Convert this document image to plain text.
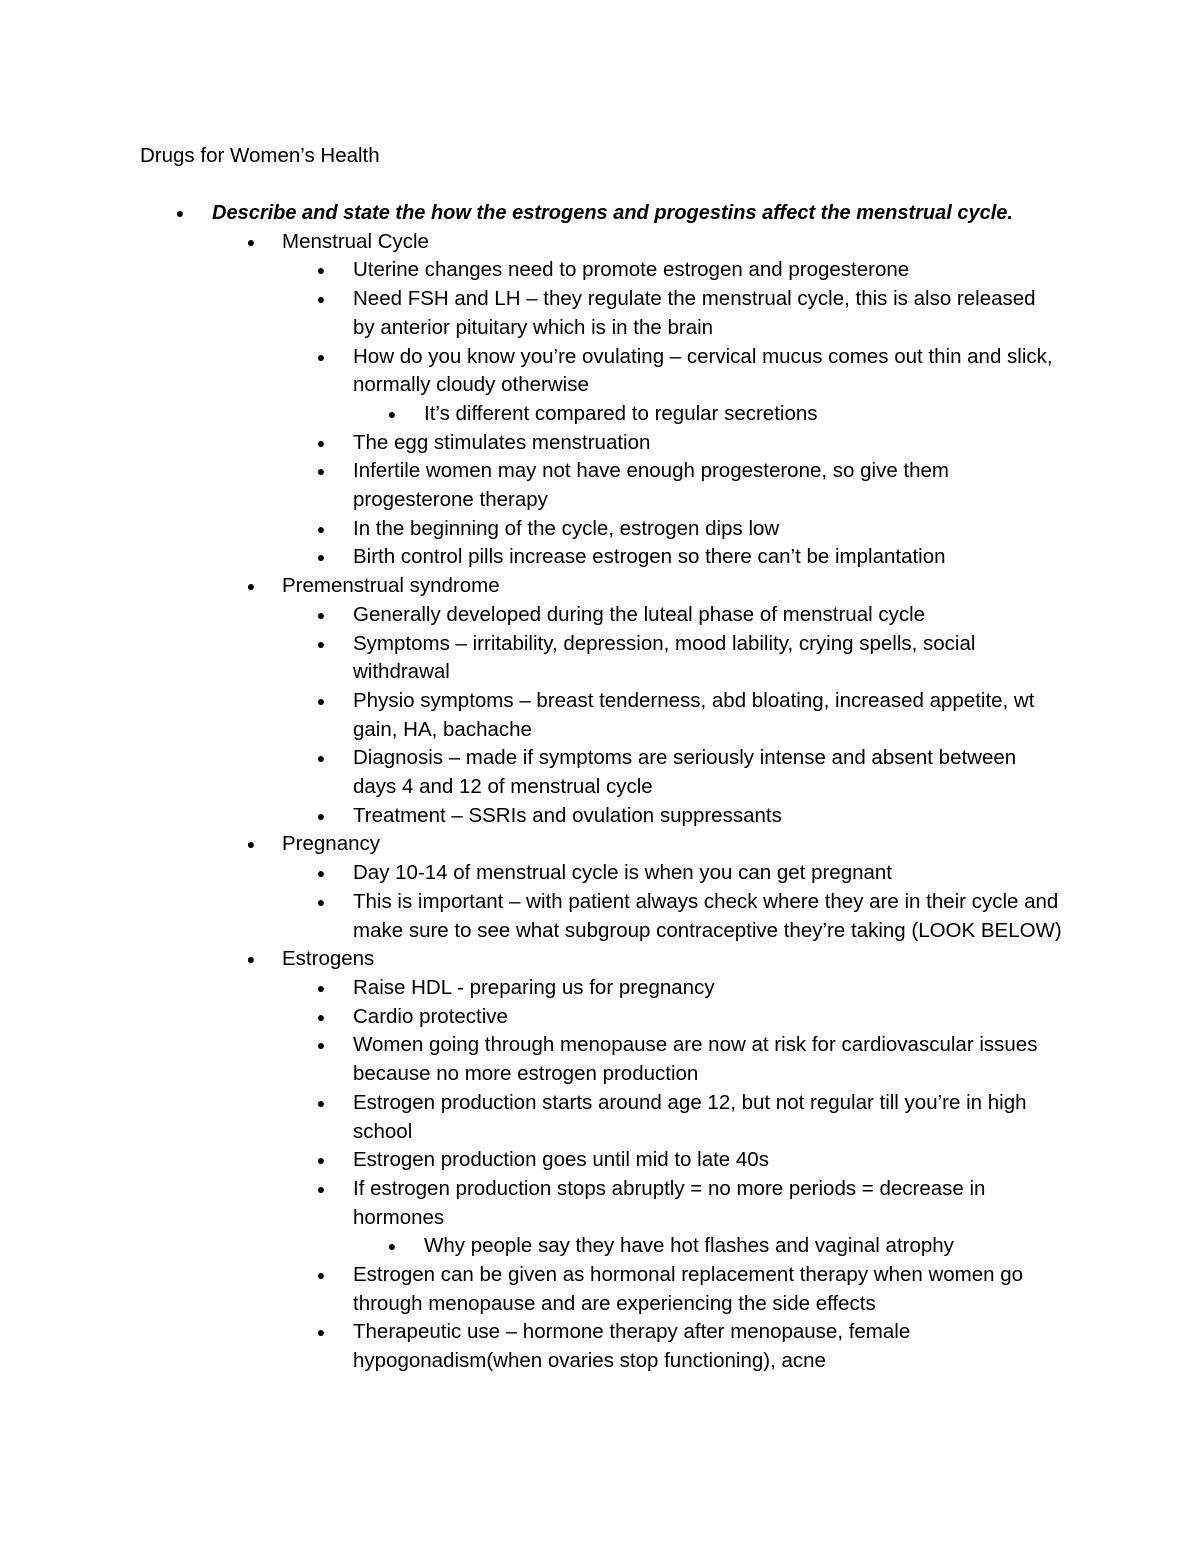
Drugs for Women’s Health
● Describe and state the how the estrogens and progestins affect the menstrual cycle.
● Menstrual Cycle
● Uterine changes need to promote estrogen and progesterone
● Need FSH and LH – they regulate the menstrual cycle, this is also released by anterior pituitary which is in the brain
● How do you know you’re ovulating – cervical mucus comes out thin and slick, normally cloudy otherwise
● It’s different compared to regular secretions
● The egg stimulates menstruation
● Infertile women may not have enough progesterone, so give them progesterone therapy
● In the beginning of the cycle, estrogen dips low
● Birth control pills increase estrogen so there can’t be implantation
● Premenstrual syndrome
● Generally developed during the luteal phase of menstrual cycle
● Symptoms – irritability, depression, mood lability, crying spells, social withdrawal
● Physio symptoms – breast tenderness, abd bloating, increased appetite, wt gain, HA, bachache
● Diagnosis – made if symptoms are seriously intense and absent between days 4 and 12 of menstrual cycle
● Treatment – SSRIs and ovulation suppressants
● Pregnancy
● Day 10-14 of menstrual cycle is when you can get pregnant
● This is important – with patient always check where they are in their cycle and make sure to see what subgroup contraceptive they’re taking (LOOK BELOW)
● Estrogens
● Raise HDL - preparing us for pregnancy
● Cardio protective
● Women going through menopause are now at risk for cardiovascular issues because no more estrogen production
● Estrogen production starts around age 12, but not regular till you’re in high school
● Estrogen production goes until mid to late 40s
● If estrogen production stops abruptly = no more periods = decrease in hormones
● Why people say they have hot flashes and vaginal atrophy
● Estrogen can be given as hormonal replacement therapy when women go through menopause and are experiencing the side effects
● Therapeutic use – hormone therapy after menopause, female hypogonadism(when ovaries stop functioning), acne
